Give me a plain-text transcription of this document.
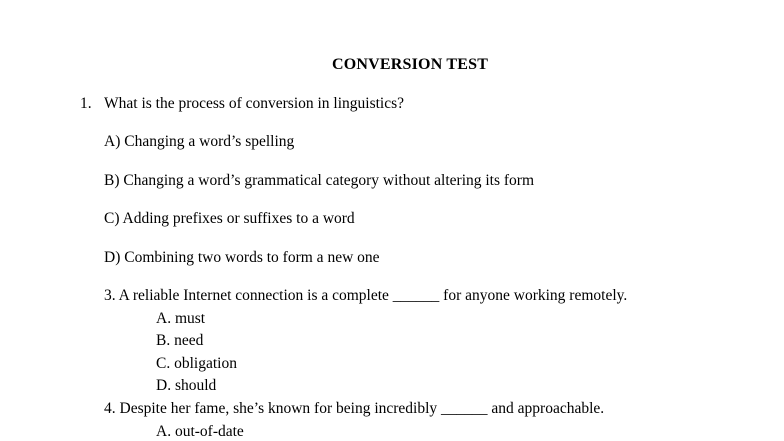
CONVERSION TEST
1. What is the process of conversion in linguistics?
A) Changing a word’s spelling
B) Changing a word’s grammatical category without altering its form
C) Adding prefixes or suffixes to a word
D) Combining two words to form a new one
3. A reliable Internet connection is a complete ______ for anyone working remotely.
A. must
B. need
C. obligation
D. should
4. Despite her fame, she’s known for being incredibly ______ and approachable.
A. out-of-date
